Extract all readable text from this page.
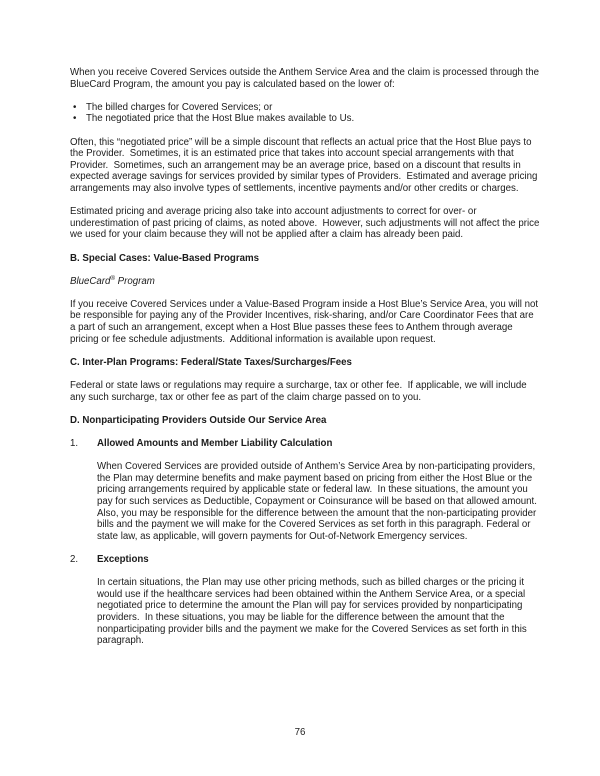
When you receive Covered Services outside the Anthem Service Area and the claim is processed through the BlueCard Program, the amount you pay is calculated based on the lower of:

• The billed charges for Covered Services; or
• The negotiated price that the Host Blue makes available to Us.

Often, this “negotiated price” will be a simple discount that reflects an actual price that the Host Blue pays to the Provider.  Sometimes, it is an estimated price that takes into account special arrangements with that Provider.  Sometimes, such an arrangement may be an average price, based on a discount that results in expected average savings for services provided by similar types of Providers.  Estimated and average pricing arrangements may also involve types of settlements, incentive payments and/or other credits or charges.

Estimated pricing and average pricing also take into account adjustments to correct for over- or underestimation of past pricing of claims, as noted above.  However, such adjustments will not affect the price we used for your claim because they will not be applied after a claim has already been paid.

B. Special Cases: Value-Based Programs

BlueCard® Program

If you receive Covered Services under a Value-Based Program inside a Host Blue’s Service Area, you will not be responsible for paying any of the Provider Incentives, risk-sharing, and/or Care Coordinator Fees that are a part of such an arrangement, except when a Host Blue passes these fees to Anthem through average pricing or fee schedule adjustments.  Additional information is available upon request.

C. Inter-Plan Programs: Federal/State Taxes/Surcharges/Fees

Federal or state laws or regulations may require a surcharge, tax or other fee.  If applicable, we will include any such surcharge, tax or other fee as part of the claim charge passed on to you.

D. Nonparticipating Providers Outside Our Service Area
1.	Allowed Amounts and Member Liability Calculation

When Covered Services are provided outside of Anthem’s Service Area by non-participating providers, the Plan may determine benefits and make payment based on pricing from either the Host Blue or the pricing arrangements required by applicable state or federal law.  In these situations, the amount you pay for such services as Deductible, Copayment or Coinsurance will be based on that allowed amount.  Also, you may be responsible for the difference between the amount that the non-participating provider bills and the payment we will make for the Covered Services as set forth in this paragraph. Federal or state law, as applicable, will govern payments for Out-of-Network Emergency services.

2.	Exceptions

In certain situations, the Plan may use other pricing methods, such as billed charges or the pricing it would use if the healthcare services had been obtained within the Anthem Service Area, or a special negotiated price to determine the amount the Plan will pay for services provided by nonparticipating providers.  In these situations, you may be liable for the difference between the amount that the nonparticipating provider bills and the payment we make for the Covered Services as set forth in this paragraph.

76
